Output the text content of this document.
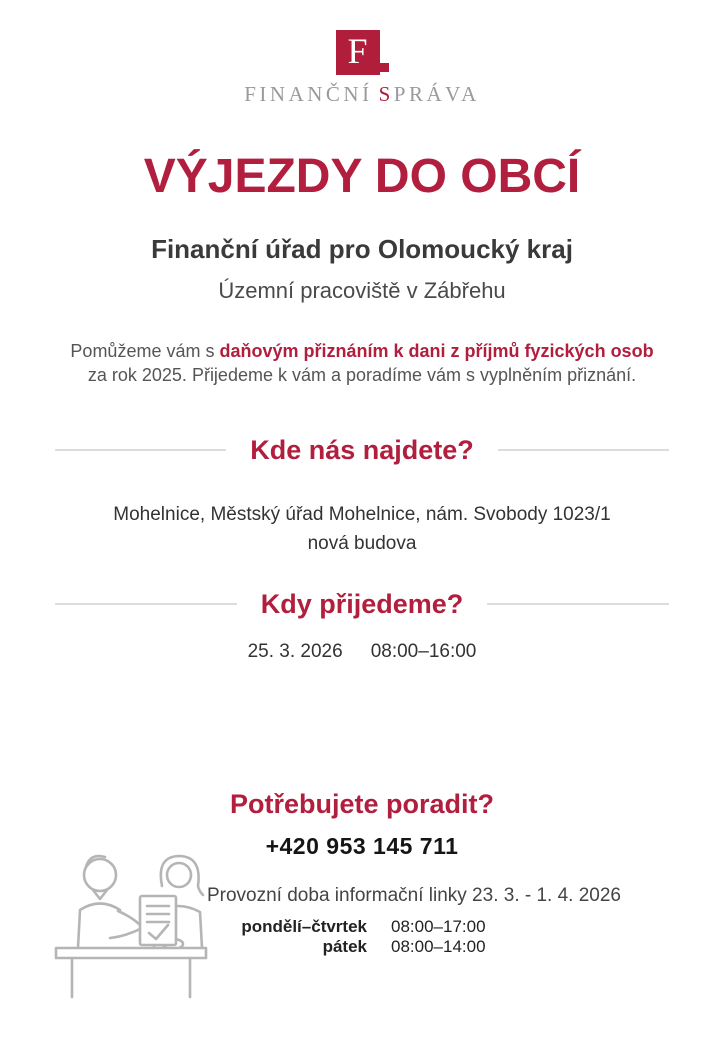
F
FINANČNÍ SPRÁVA
VÝJEZDY DO OBCÍ
Finanční úřad pro Olomoucký kraj
Územní pracoviště v Zábřehu
Pomůžeme vám s daňovým přiznáním k dani z příjmů fyzických osob
za rok 2025. Přijedeme k vám a poradíme vám s vyplněním přiznání.
Kde nás najdete?
Mohelnice, Městský úřad Mohelnice, nám. Svobody 1023/1
nová budova
Kdy přijedeme?
25. 3. 2026 08:00–16:00
Potřebujete poradit?
+420 953 145 711
Provozní doba informační linky 23. 3. - 1. 4. 2026
pondělí–čtvrtek 08:00–17:00
pátek 08:00–14:00
